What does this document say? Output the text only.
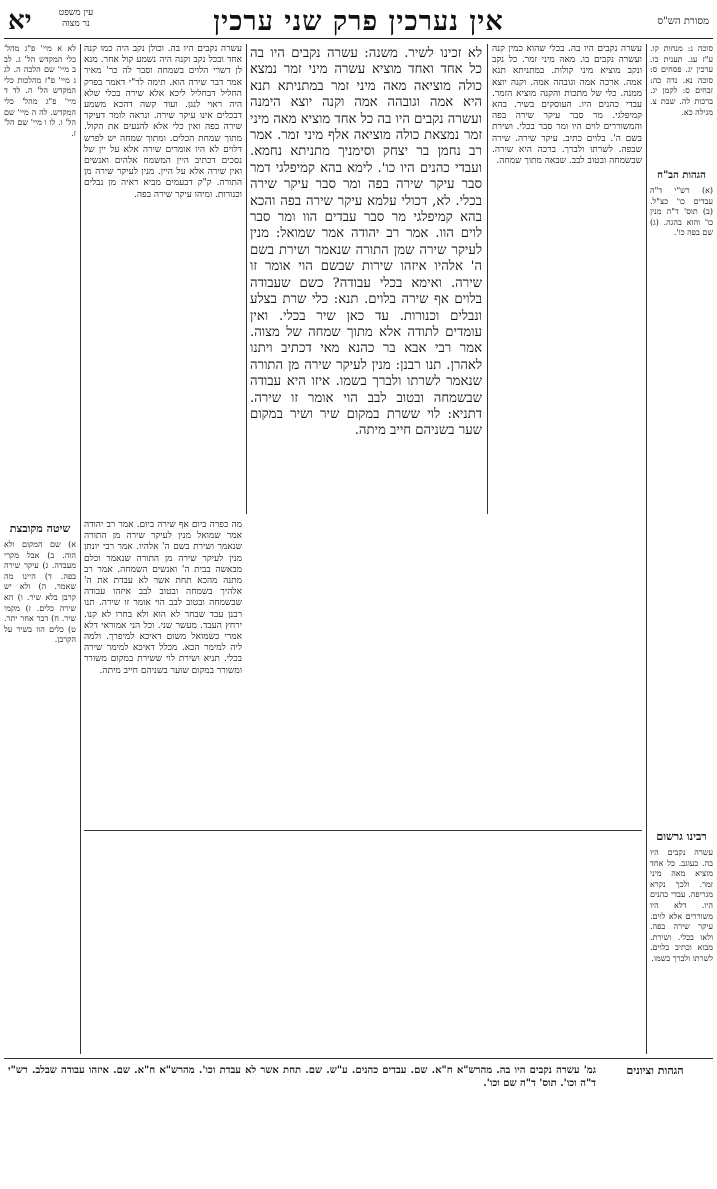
יא	עין משפט
נר מצוה	אין נערכין פרק שני ערכין	מסורת הש"ס

לא א מיי' פ"ג מהל' כלי המקדש הל' ג. לב ב מיי' שם הלכה ה. לג ג מיי' פ"ז מהלכות כלי המקדש הל' ה. לד ד מיי' פ"ג מהל' כלי המקדש. לה ה מיי' שם הל' ו. לו ו מיי' שם הל' ז.

עשרה נקבים היו בה. וכולן נקב היה כמו קנה אחד ובכל נקב וקנה היה נשמע קול אחר. מנא לן דשרי הלוים בשמחה וסבר לה כר' מאיר אמר דבר שירה הוא. תימה לר"י דאמר בפרק החליל דבחליל ליכא אלא שירה בכלי שלא היה ראוי לנגן. ועוד קשה דהכא משמע דבכלים אינו עיקר שירה. ונראה לומר דעיקר שירה בפה ואין כלי אלא להנעים את הקול. מתוך שמחת הכלים. ומתוך שמחה יש לפרש דלוים לא היו אומרים שירה אלא על יין של נסכים דכתיב היין המשמח אלהים ואנשים ואין שירה אלא על היין. מנין לעיקר שירה מן התורה. ק"ק דבעמים מביא ראיה מן נבלים וכנורות. ומיהו עיקר שירה בפה.

שיטה מקובצת

א) שם המקום ולא הוה. ב) אבל מקרי מעבדה. ג) עיקר שירה בפה. ד) היינו מה שאמר. ה) ולא יש קרבן בלא שיר. ו) הא שירה כלים. ז) מקמי שיר. ח) דבר אחר יתר. ט) כלים הוו בשיר על הקרבן.

לא זכינו לשיר. משנה: עשרה נקבים היו בה כל אחד ואחד מוציא עשרה מיני זמר נמצא כולה מוציאה מאה מיני זמר במתניתא תנא היא אמה וגובהה אמה וקנה יוצא הימנה ועשרה נקבים היו בה כל אחד מוציא מאה מיני זמר נמצאת כולה מוציאה אלף מיני זמר. אמר רב נחמן בר יצחק וסימניך מתניתא נחמא. ועבדי כהנים היו כו'. לימא בהא קמיפלגי דמר סבר עיקר שירה בפה ומר סבר עיקר שירה בכלי. לא, דכולי עלמא עיקר שירה בפה והכא בהא קמיפלגי מר סבר עבדים הוו ומר סבר לוים הוו. אמר רב יהודה אמר שמואל: מנין לעיקר שירה שמן התורה שנאמר ושירת בשם ה' אלהיו איזהו שירות שבשם הוי אומר זו שירה. ואימא בכלי עבודה? כשם שעבודה בלוים אף שירה בלוים. תנא: כלי שרת בצלע ונבלים וכנורות. עד כאן שיר בכלי. ואין עומדים לתודה אלא מתוך שמחה של מצוה. אמר רבי אבא בר כהנא מאי דכתיב ויתנו לאהרן. תנו רבנן: מנין לעיקר שירה מן התורה שנאמר לשרתו ולברך בשמו. איזו היא עבודה שבשמחה ובטוב לבב הוי אומר זו שירה. דתניא: לוי ששרת במקום שיר ושיר במקום שער בשניהם חייב מיתה.

עשרה נקבים היו בה. בכלי שהוא כמין קנה ועשרה נקבים בו. מאה מיני זמר. כל נקב ונקב מוציא מיני קולות. במתניתא תנא אמה. ארכה אמה וגובהה אמה. וקנה יוצא ממנה. כלי של מתכות והקנה מוציא הזמר. עבדי כהנים היו. העוסקים בשיר. בהא קמיפלגי. מר סבר עיקר שירה בפה והמשוררים לוים היו ומר סבר בכלי. ושירת בשם ה'. בלוים כתיב. עיקר שירה. שירה שבפה. לשרתו ולברך. ברכה היא שירה. שבשמחה ובטוב לבב. שבאה מתוך שמחה.

סוכה נ: מנחות קו. ע"ז עג. תענית כו. ערכין יג. פסחים ס: סוכה נא. נדה כה: זבחים ס: לקמן יג. ברכות לה. שבת צ. מגילה כא.

הגהות הב"ח

(א) רש"י ד"ה עבדים כו' כצ"ל. (ב) תוס' ד"ה מנין כו' והוא בהגה. (ג) שם בפה כו'.

מה כפרה ביום אף שירה ביום. אמר רב יהודה אמר שמואל מנין לעיקר שירה מן התורה שנאמר ושירת בשם ה' אלהיו. אמר רבי יונתן מנין לעיקר שירה מן התורה שנאמר וכלם מבאשה בבית ה' ואנשים השמחה. אמר רב מתנה מהכא תחת אשר לא עבדת את ה' אלהיך בשמחה ובטוב לבב איזהו עבודה שבשמחה ובטוב לבב הוי אומר זו שירה. תנו רבנן עבד שבחר לא הוא ולא בחרו לא קנו. ירחץ העבד. מעשר שני. וכל הני אמוראי דלא אמרי כשמואל משום דאיכא למיפרך. ולמה ליה למימר הכא. מכלל דאיכא למימר שירה בכלי. תניא ושירת לוי ששירת במקום משורר ומשורר במקום שוער בשניהם חייב מיתה.

רבינו גרשום

עשרה נקבים היו בה. בעוגב. כל אחד מוציא מאה מיני זמר. ולכך נקרא מגריפה. עבדי כהנים היו. דלא היו משוררים אלא לוים. עיקר שירה בפה. ולאו בכלי. ושירת. מבוא וכתיב בלוים. לשרתו ולברך בשמו.

הגהות וציונים

גמ' עשרה נקבים היו בה. מהרש"א ח"א. שם. עבדים כהנים. ע"ש. שם. תחת אשר לא עבדת וכו'. מהרש"א ח"א. שם. איזהו עבודה שבלב. רש"י ד"ה וכו'. תוס' ד"ה שם וכו'.
